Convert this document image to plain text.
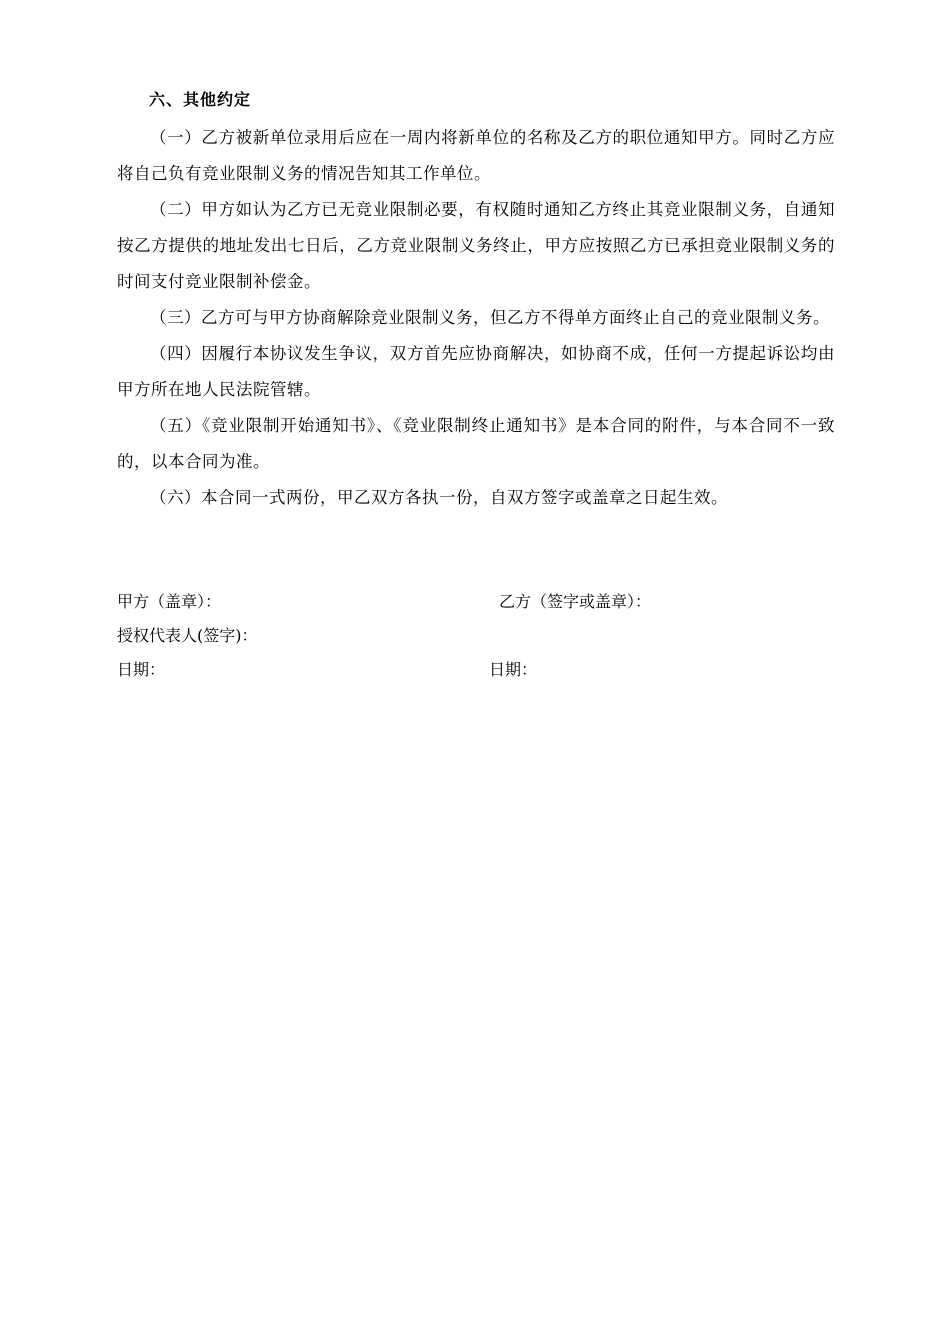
六、其他约定

（一）乙方被新单位录用后应在一周内将新单位的名称及乙方的职位通知甲方。同时乙方应将自己负有竞业限制义务的情况告知其工作单位。

（二）甲方如认为乙方已无竞业限制必要，有权随时通知乙方终止其竞业限制义务，自通知按乙方提供的地址发出七日后，乙方竞业限制义务终止，甲方应按照乙方已承担竞业限制义务的时间支付竞业限制补偿金。

（三）乙方可与甲方协商解除竞业限制义务，但乙方不得单方面终止自己的竞业限制义务。

（四）因履行本协议发生争议，双方首先应协商解决，如协商不成，任何一方提起诉讼均由甲方所在地人民法院管辖。

（五）《竞业限制开始通知书》、《竞业限制终止通知书》是本合同的附件，与本合同不一致的，以本合同为准。

（六）本合同一式两份，甲乙双方各执一份，自双方签字或盖章之日起生效。

甲方（盖章）：	乙方（签字或盖章）：
授权代表人(签字)：
日期：	日期：
